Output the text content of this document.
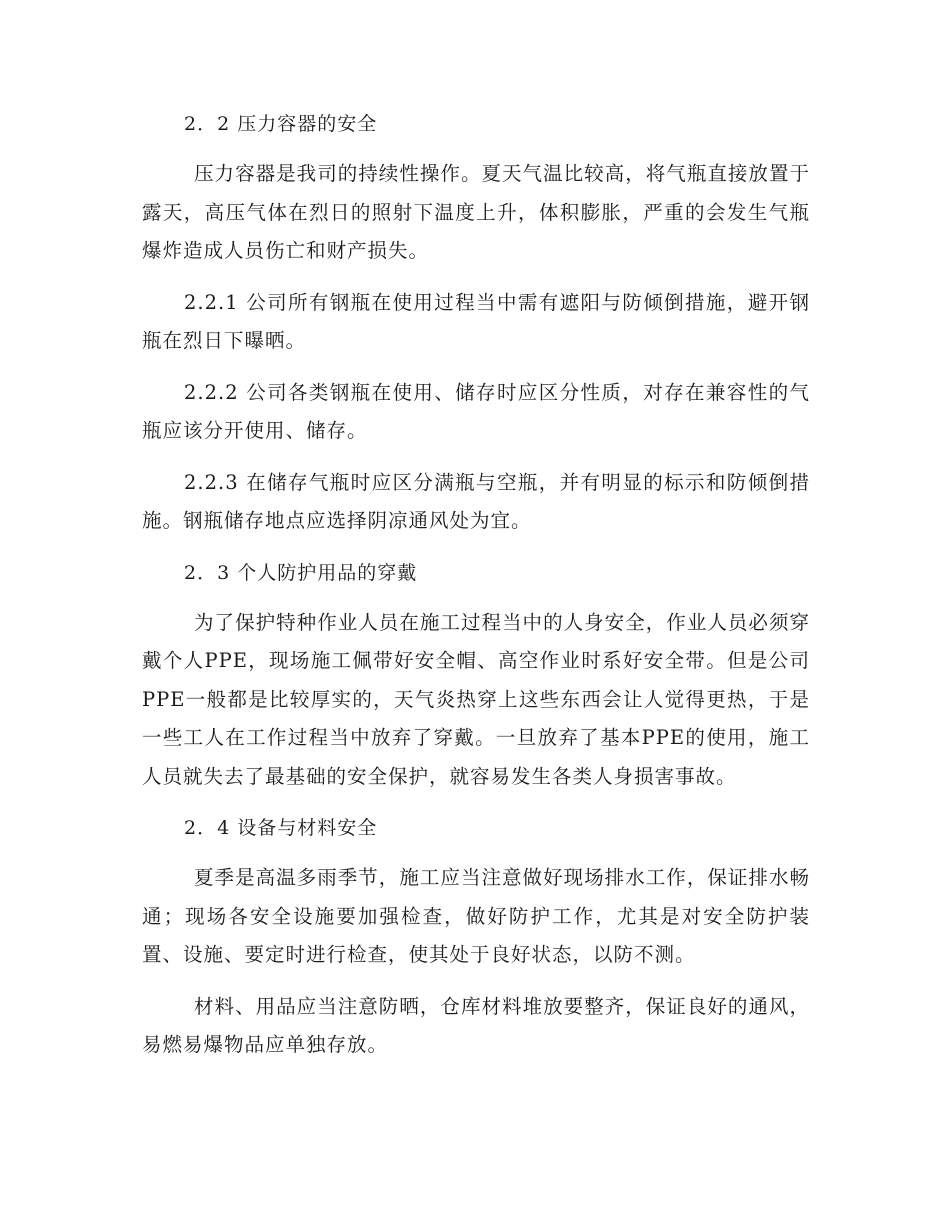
2．2 压力容器的安全

压力容器是我司的持续性操作。夏天气温比较高，将气瓶直接放置于露天，高压气体在烈日的照射下温度上升，体积膨胀，严重的会发生气瓶爆炸造成人员伤亡和财产损失。

2.2.1 公司所有钢瓶在使用过程当中需有遮阳与防倾倒措施，避开钢瓶在烈日下曝晒。

2.2.2 公司各类钢瓶在使用、储存时应区分性质，对存在兼容性的气瓶应该分开使用、储存。

2.2.3 在储存气瓶时应区分满瓶与空瓶，并有明显的标示和防倾倒措施。钢瓶储存地点应选择阴凉通风处为宜。

2．3 个人防护用品的穿戴

为了保护特种作业人员在施工过程当中的人身安全，作业人员必须穿戴个人PPE，现场施工佩带好安全帽、高空作业时系好安全带。但是公司PPE一般都是比较厚实的，天气炎热穿上这些东西会让人觉得更热，于是一些工人在工作过程当中放弃了穿戴。一旦放弃了基本PPE的使用，施工人员就失去了最基础的安全保护，就容易发生各类人身损害事故。

2．4 设备与材料安全

夏季是高温多雨季节，施工应当注意做好现场排水工作，保证排水畅通；现场各安全设施要加强检查，做好防护工作，尤其是对安全防护装置、设施、要定时进行检查，使其处于良好状态，以防不测。

材料、用品应当注意防晒，仓库材料堆放要整齐，保证良好的通风，易燃易爆物品应单独存放。
